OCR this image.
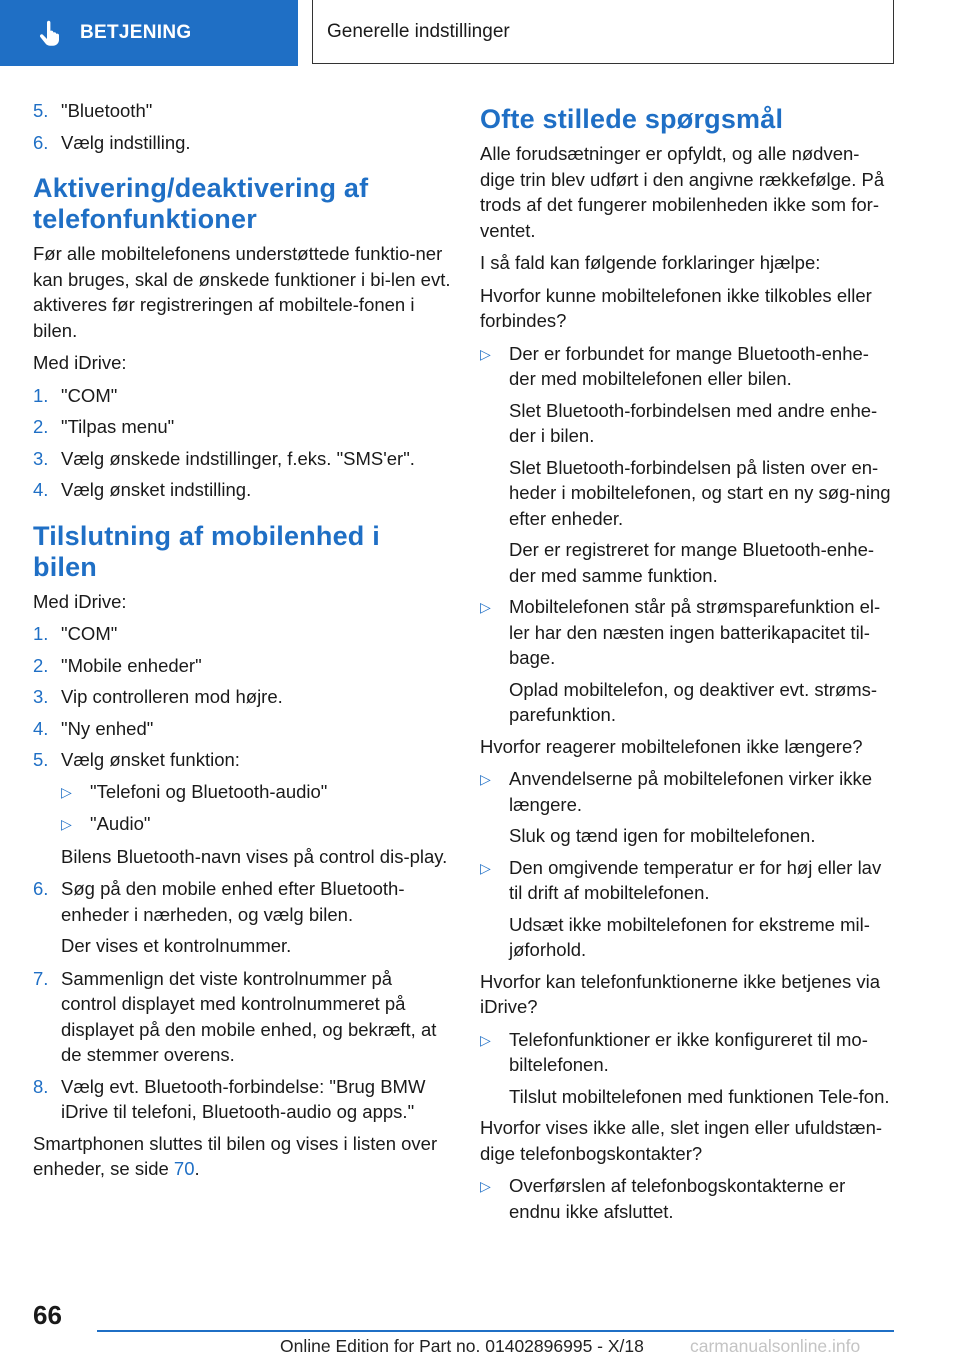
BETJENING	Generelle indstillinger
5. "Bluetooth"
6. Vælg indstilling.
Aktivering/deaktivering af telefonfunktioner

Før alle mobiltelefonens understøttede funktio-ner kan bruges, skal de ønskede funktioner i bi-len evt. aktiveres før registreringen af mobiltele-fonen i bilen.

Med iDrive:

1. "COM"
2. "Tilpas menu"
3. Vælg ønskede indstillinger, f.eks. "SMS'er".
4. Vælg ønsket indstilling.
Tilslutning af mobilenhed i bilen

Med iDrive:

1. "COM"
2. "Mobile enheder"
3. Vip controlleren mod højre.
4. "Ny enhed"
5. Vælg ønsket funktion:
▷ "Telefoni og Bluetooth-audio"
▷ "Audio"

Bilens Bluetooth-navn vises på control dis-play.

6. Søg på den mobile enhed efter Bluetooth-enheder i nærheden, og vælg bilen.

Der vises et kontrolnummer.

7. Sammenlign det viste kontrolnummer på control displayet med kontrolnummeret på displayet på den mobile enhed, og bekræft, at de stemmer overens.
8. Vælg evt. Bluetooth-forbindelse: "Brug BMW iDrive til telefoni, Bluetooth-audio og apps."

Smartphonen sluttes til bilen og vises i listen over enheder, se side 70.

Ofte stillede spørgsmål

Alle forudsætninger er opfyldt, og alle nødven-dige trin blev udført i den angivne rækkefølge. På trods af det fungerer mobilenheden ikke som for-ventet.

I så fald kan følgende forklaringer hjælpe:

Hvorfor kunne mobiltelefonen ikke tilkobles eller forbindes?

▷ Der er forbundet for mange Bluetooth-enhe-der med mobiltelefonen eller bilen.

Slet Bluetooth-forbindelsen med andre enhe-der i bilen.

Slet Bluetooth-forbindelsen på listen over en-heder i mobiltelefonen, og start en ny søg-ning efter enheder.

Der er registreret for mange Bluetooth-enhe-der med samme funktion.

▷ Mobiltelefonen står på strømsparefunktion el-ler har den næsten ingen batterikapacitet til-bage.

Oplad mobiltelefon, og deaktiver evt. strøms-parefunktion.

Hvorfor reagerer mobiltelefonen ikke længere?

▷ Anvendelserne på mobiltelefonen virker ikke længere.

Sluk og tænd igen for mobiltelefonen.

▷ Den omgivende temperatur er for høj eller lav til drift af mobiltelefonen.

Udsæt ikke mobiltelefonen for ekstreme mil-jøforhold.

Hvorfor kan telefonfunktionerne ikke betjenes via iDrive?

▷ Telefonfunktioner er ikke konfigureret til mo-biltelefonen.

Tilslut mobiltelefonen med funktionen Tele-fon.

Hvorfor vises ikke alle, slet ingen eller ufuldstæn-dige telefonbogskontakter?

▷ Overførslen af telefonbogskontakterne er endnu ikke afsluttet.
66
Online Edition for Part no. 01402896995 - X/18	carmanualsonline.info
